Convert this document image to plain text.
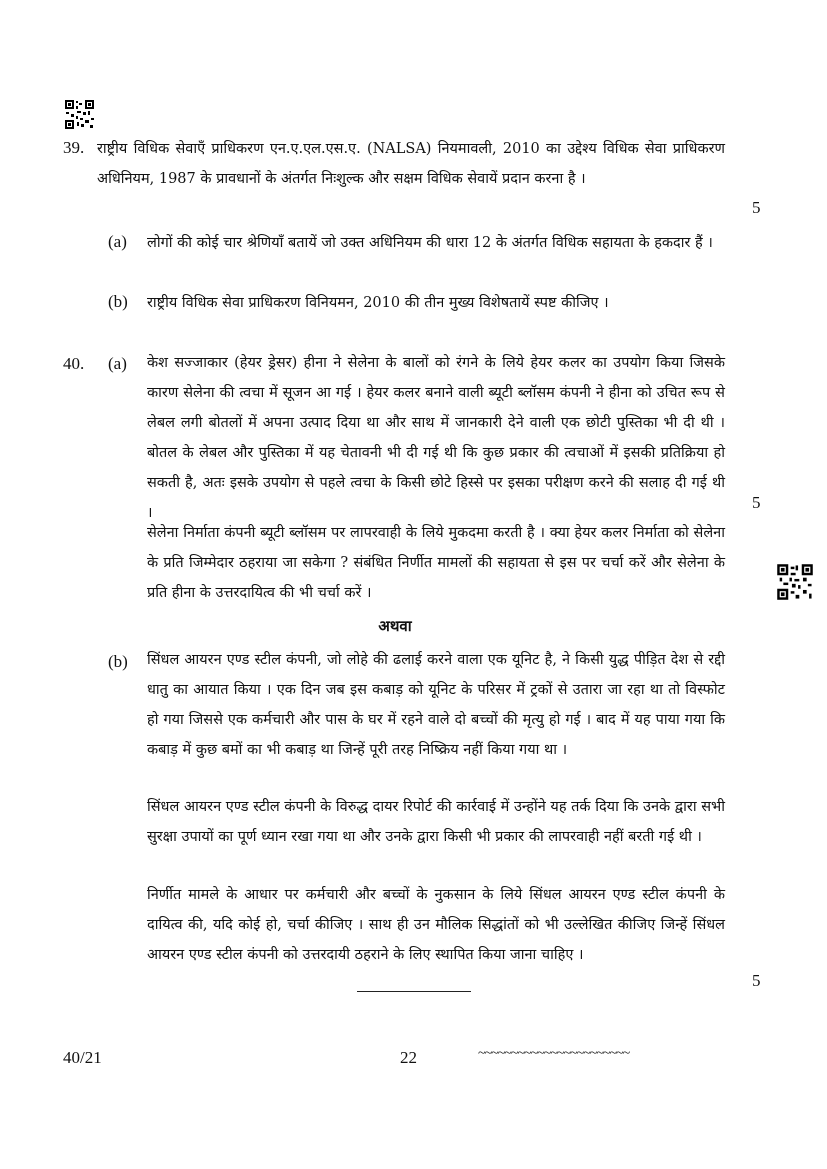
39. राष्ट्रीय विधिक सेवाएँ प्राधिकरण एन.ए.एल.एस.ए. (NALSA) नियमावली, 2010 का उद्देश्य विधिक सेवा प्राधिकरण अधिनियम, 1987 के प्रावधानों के अंतर्गत निःशुल्क और सक्षम विधिक सेवायें प्रदान करना है ।
5
(a) लोगों की कोई चार श्रेणियाँ बतायें जो उक्त अधिनियम की धारा 12 के अंतर्गत विधिक सहायता के हकदार हैं ।
(b) राष्ट्रीय विधिक सेवा प्राधिकरण विनियमन, 2010 की तीन मुख्य विशेषतायें स्पष्ट कीजिए ।
40. (a) केश सज्जाकार (हेयर ड्रेसर) हीना ने सेलेना के बालों को रंगने के लिये हेयर कलर का उपयोग किया जिसके कारण सेलेना की त्वचा में सूजन आ गई । हेयर कलर बनाने वाली ब्यूटी ब्लॉसम कंपनी ने हीना को उचित रूप से लेबल लगी बोतलों में अपना उत्पाद दिया था और साथ में जानकारी देने वाली एक छोटी पुस्तिका भी दी थी । बोतल के लेबल और पुस्तिका में यह चेतावनी भी दी गई थी कि कुछ प्रकार की त्वचाओं में इसकी प्रतिक्रिया हो सकती है, अतः इसके उपयोग से पहले त्वचा के किसी छोटे हिस्से पर इसका परीक्षण करने की सलाह दी गई थी ।
5
सेलेना निर्माता कंपनी ब्यूटी ब्लॉसम पर लापरवाही के लिये मुकदमा करती है । क्या हेयर कलर निर्माता को सेलेना के प्रति जिम्मेदार ठहराया जा सकेगा ? संबंधित निर्णीत मामलों की सहायता से इस पर चर्चा करें और सेलेना के प्रति हीना के उत्तरदायित्व की भी चर्चा करें ।
अथवा
(b) सिंधल आयरन एण्ड स्टील कंपनी, जो लोहे की ढलाई करने वाला एक यूनिट है, ने किसी युद्ध पीड़ित देश से रद्दी धातु का आयात किया । एक दिन जब इस कबाड़ को यूनिट के परिसर में ट्रकों से उतारा जा रहा था तो विस्फोट हो गया जिससे एक कर्मचारी और पास के घर में रहने वाले दो बच्चों की मृत्यु हो गई । बाद में यह पाया गया कि कबाड़ में कुछ बमों का भी कबाड़ था जिन्हें पूरी तरह निष्क्रिय नहीं किया गया था ।
सिंधल आयरन एण्ड स्टील कंपनी के विरुद्ध दायर रिपोर्ट की कार्रवाई में उन्होंने यह तर्क दिया कि उनके द्वारा सभी सुरक्षा उपायों का पूर्ण ध्यान रखा गया था और उनके द्वारा किसी भी प्रकार की लापरवाही नहीं बरती गई थी ।
निर्णीत मामले के आधार पर कर्मचारी और बच्चों के नुकसान के लिये सिंधल आयरन एण्ड स्टील कंपनी के दायित्व की, यदि कोई हो, चर्चा कीजिए । साथ ही उन मौलिक सिद्धांतों को भी उल्लेखित कीजिए जिन्हें सिंधल आयरन एण्ड स्टील कंपनी को उत्तरदायी ठहराने के लिए स्थापित किया जाना चाहिए ।
5
40/21	22	~~~~~~~~~~~~~~~~~~~~~~~
